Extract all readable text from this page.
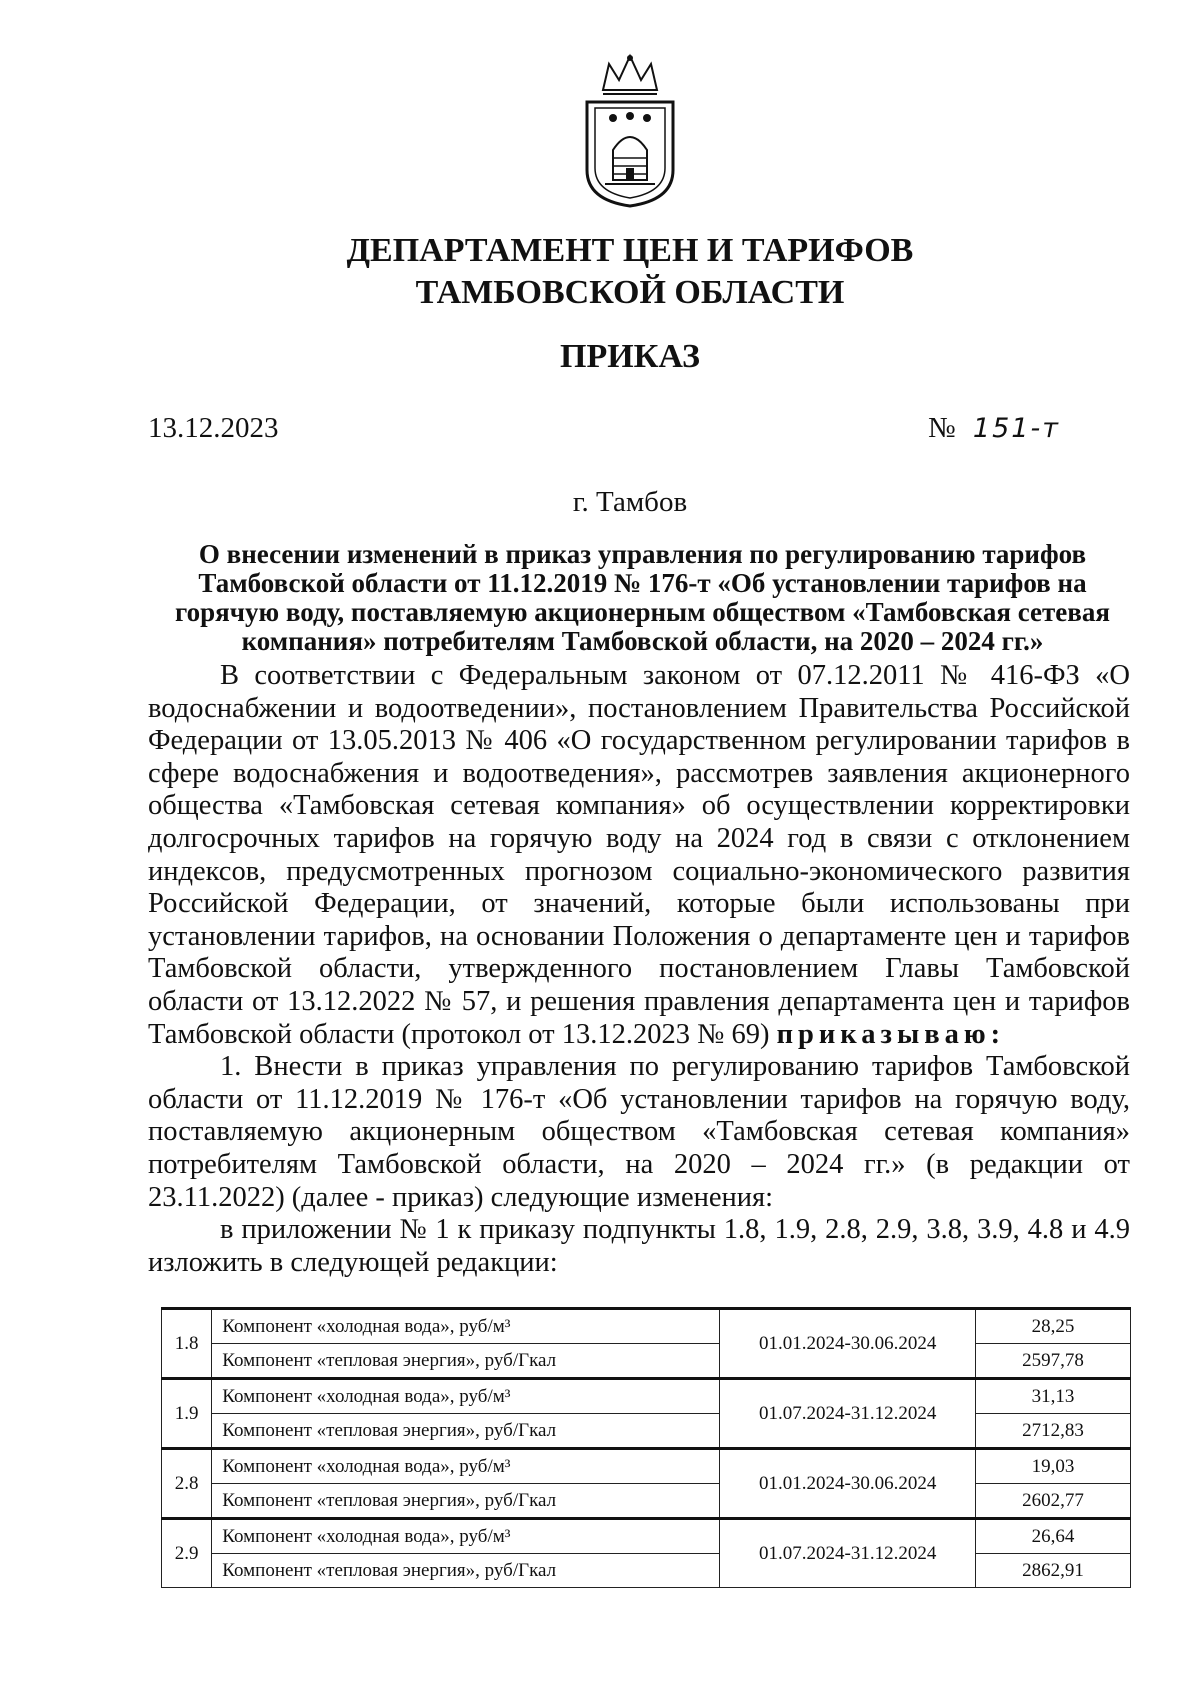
ДЕПАРТАМЕНТ ЦЕН И ТАРИФОВ
ТАМБОВСКОЙ ОБЛАСТИ
ПРИКАЗ
13.12.2023	№ 151-т
г. Тамбов
О внесении изменений в приказ управления по регулированию тарифов Тамбовской области от 11.12.2019 № 176-т «Об установлении тарифов на горячую воду, поставляемую акционерным обществом «Тамбовская сетевая компания» потребителям Тамбовской области, на 2020 – 2024 гг.»

В соответствии с Федеральным законом от 07.12.2011 № 416-ФЗ «О водоснабжении и водоотведении», постановлением Правительства Российской Федерации от 13.05.2013 № 406 «О государственном регулировании тарифов в сфере водоснабжения и водоотведения», рассмотрев заявления акционерного общества «Тамбовская сетевая компания» об осуществлении корректировки долгосрочных тарифов на горячую воду на 2024 год в связи с отклонением индексов, предусмотренных прогнозом социально-экономического развития Российской Федерации, от значений, которые были использованы при установлении тарифов, на основании Положения о департаменте цен и тарифов Тамбовской области, утвержденного постановлением Главы Тамбовской области от 13.12.2022 № 57, и решения правления департамента цен и тарифов Тамбовской области (протокол от 13.12.2023 № 69) приказываю:

1. Внести в приказ управления по регулированию тарифов Тамбовской области от 11.12.2019 № 176-т «Об установлении тарифов на горячую воду, поставляемую акционерным обществом «Тамбовская сетевая компания» потребителям Тамбовской области, на 2020 – 2024 гг.» (в редакции от 23.11.2022) (далее - приказ) следующие изменения:

в приложении № 1 к приказу подпункты 1.8, 1.9, 2.8, 2.9, 3.8, 3.9, 4.8 и 4.9 изложить в следующей редакции:

1.8	Компонент «холодная вода», руб/м³	01.01.2024-30.06.2024	28,25
	Компонент «тепловая энергия», руб/Гкал		2597,78
1.9	Компонент «холодная вода», руб/м³	01.07.2024-31.12.2024	31,13
	Компонент «тепловая энергия», руб/Гкал		2712,83
2.8	Компонент «холодная вода», руб/м³	01.01.2024-30.06.2024	19,03
	Компонент «тепловая энергия», руб/Гкал		2602,77
2.9	Компонент «холодная вода», руб/м³	01.07.2024-31.12.2024	26,64
	Компонент «тепловая энергия», руб/Гкал		2862,91
